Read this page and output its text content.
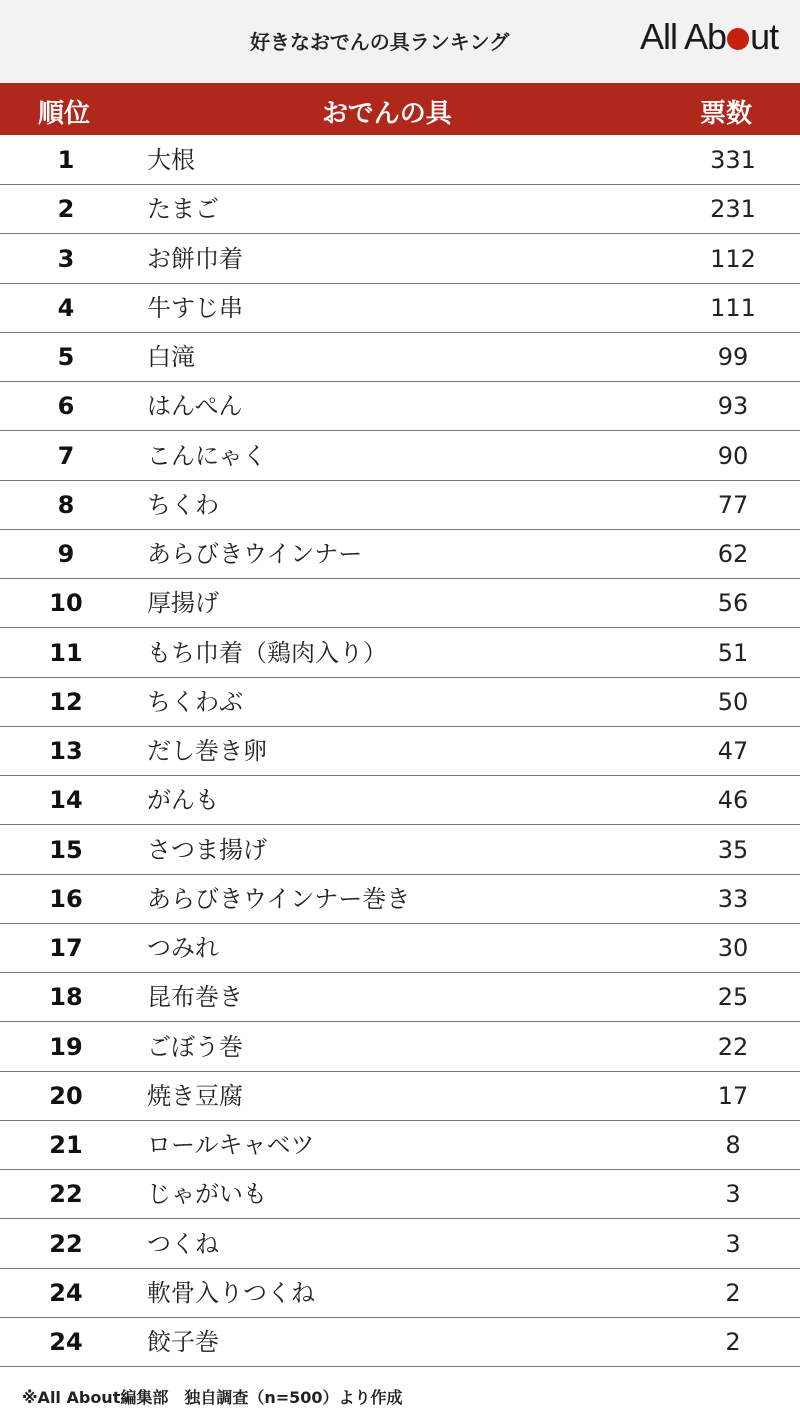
好きなおでんの具ランキング	All Ab ut
順位	おでんの具	票数
1	大根	331
2	たまご	231
3	お餅巾着	112
4	牛すじ串	111
5	白滝	99
6	はんぺん	93
7	こんにゃく	90
8	ちくわ	77
9	あらびきウインナー	62
10	厚揚げ	56
11	もち巾着（鶏肉入り）	51
12	ちくわぶ	50
13	だし巻き卵	47
14	がんも	46
15	さつま揚げ	35
16	あらびきウインナー巻き	33
17	つみれ	30
18	昆布巻き	25
19	ごぼう巻	22
20	焼き豆腐	17
21	ロールキャベツ	8
22	じゃがいも	3
22	つくね	3
24	軟骨入りつくね	2
24	餃子巻	2
※All About編集部　独自調査（n=500）より作成
